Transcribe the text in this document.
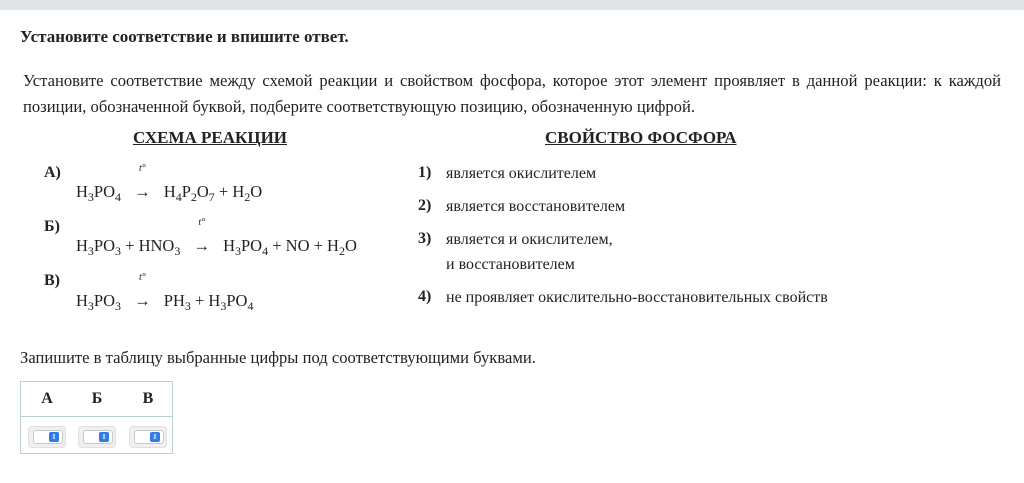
Установите соответствие и впишите ответ.
Установите соответствие между схемой реакции и свойством фосфора, которое этот элемент проявляет в данной реакции: к каждой позиции, обозначенной буквой, подберите соответствующую позицию, обозначенную цифрой.
СХЕМА РЕАКЦИИ	СВОЙСТВО ФОСФОРА
А)
$H_3PO_4$ →
t°
$H_4P_2O_7 + H_2O$
Б)
$H_3PO_3 + HNO_3$ →
t°
$H_3PO_4$ + NO + $H_2O$
В)
$H_3PO_3$ →
t°
$PH_3 + H_3PO_4$
1) является окислителем
2) является восстановителем
3) является и окислителем,
и восстановителем
4) не проявляет окислительно-восстановительных свойств
Запишите в таблицу выбранные цифры под соответствующими буквами.
А	Б	В
⇕	⇕	⇕
